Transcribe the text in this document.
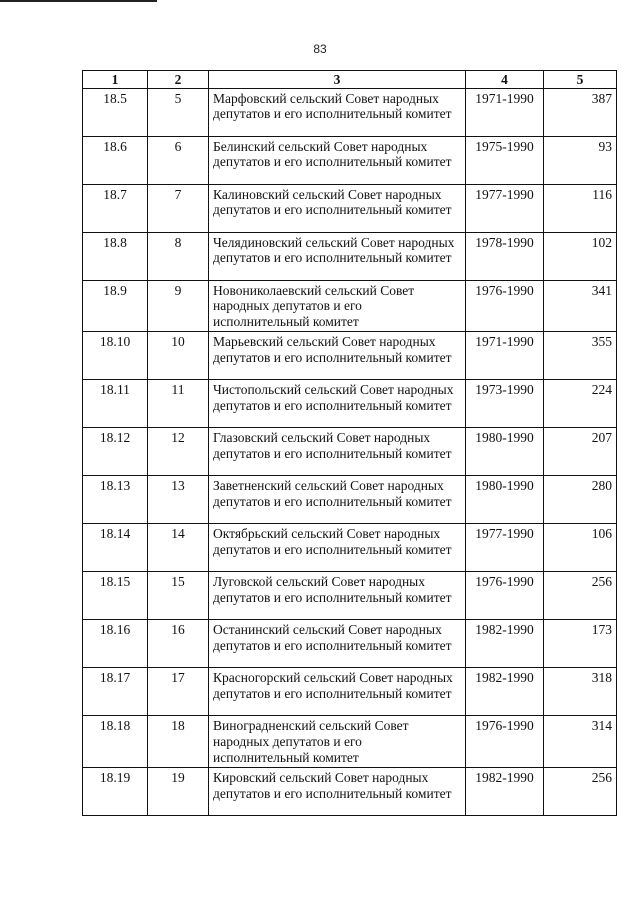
83
1	2	3	4	5
18.5	5	Марфовский сельский Совет народных депутатов и его исполнительный комитет	1971-1990	387
18.6	6	Белинский сельский Совет народных депутатов и его исполнительный комитет	1975-1990	93
18.7	7	Калиновский сельский Совет народных депутатов и его исполнительный комитет	1977-1990	116
18.8	8	Челядиновский сельский Совет народных депутатов и его исполнительный комитет	1978-1990	102
18.9	9	Новониколаевский сельский Совет народных депутатов и его исполнительный комитет	1976-1990	341
18.10	10	Марьевский сельский Совет народных депутатов и его исполнительный комитет	1971-1990	355
18.11	11	Чистопольский сельский Совет народных депутатов и его исполнительный комитет	1973-1990	224
18.12	12	Глазовский сельский Совет народных депутатов и его исполнительный комитет	1980-1990	207
18.13	13	Заветненский сельский Совет народных депутатов и его исполнительный комитет	1980-1990	280
18.14	14	Октябрьский сельский Совет народных депутатов и его исполнительный комитет	1977-1990	106
18.15	15	Луговской сельский Совет народных депутатов и его исполнительный комитет	1976-1990	256
18.16	16	Останинский сельский Совет народных депутатов и его исполнительный комитет	1982-1990	173
18.17	17	Красногорский сельский Совет народных депутатов и его исполнительный комитет	1982-1990	318
18.18	18	Виноградненский сельский Совет народных депутатов и его исполнительный комитет	1976-1990	314
18.19	19	Кировский сельский Совет народных депутатов и его исполнительный комитет	1982-1990	256
